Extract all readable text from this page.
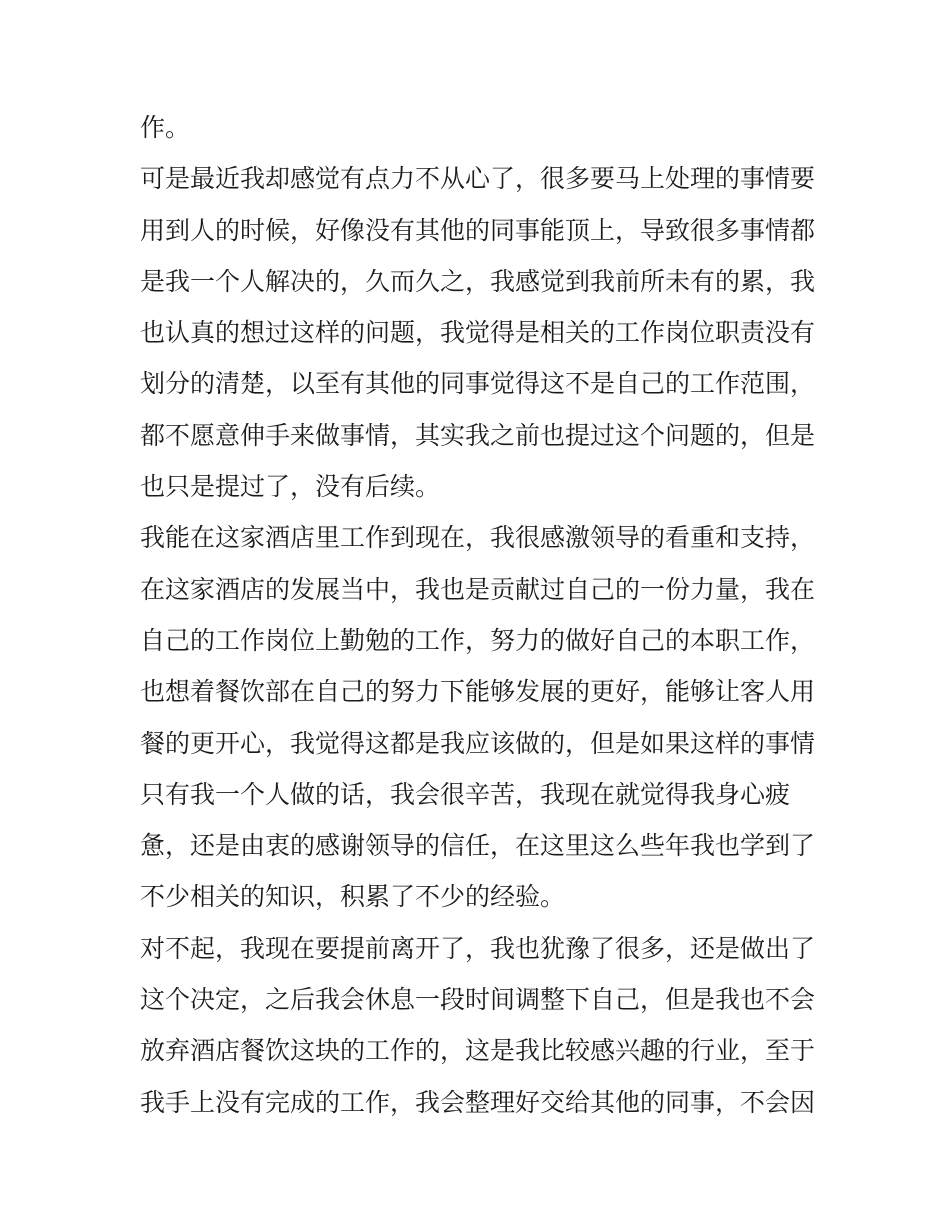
作。
可是最近我却感觉有点力不从心了，很多要马上处理的事情要
用到人的时候，好像没有其他的同事能顶上，导致很多事情都
是我一个人解决的，久而久之，我感觉到我前所未有的累，我
也认真的想过这样的问题，我觉得是相关的工作岗位职责没有
划分的清楚，以至有其他的同事觉得这不是自己的工作范围，
都不愿意伸手来做事情，其实我之前也提过这个问题的，但是
也只是提过了，没有后续。
我能在这家酒店里工作到现在，我很感激领导的看重和支持，
在这家酒店的发展当中，我也是贡献过自己的一份力量，我在
自己的工作岗位上勤勉的工作，努力的做好自己的本职工作，
也想着餐饮部在自己的努力下能够发展的更好，能够让客人用
餐的更开心，我觉得这都是我应该做的，但是如果这样的事情
只有我一个人做的话，我会很辛苦，我现在就觉得我身心疲
惫，还是由衷的感谢领导的信任，在这里这么些年我也学到了
不少相关的知识，积累了不少的经验。
对不起，我现在要提前离开了，我也犹豫了很多，还是做出了
这个决定，之后我会休息一段时间调整下自己，但是我也不会
放弃酒店餐饮这块的工作的，这是我比较感兴趣的行业，至于
我手上没有完成的工作，我会整理好交给其他的同事，不会因
